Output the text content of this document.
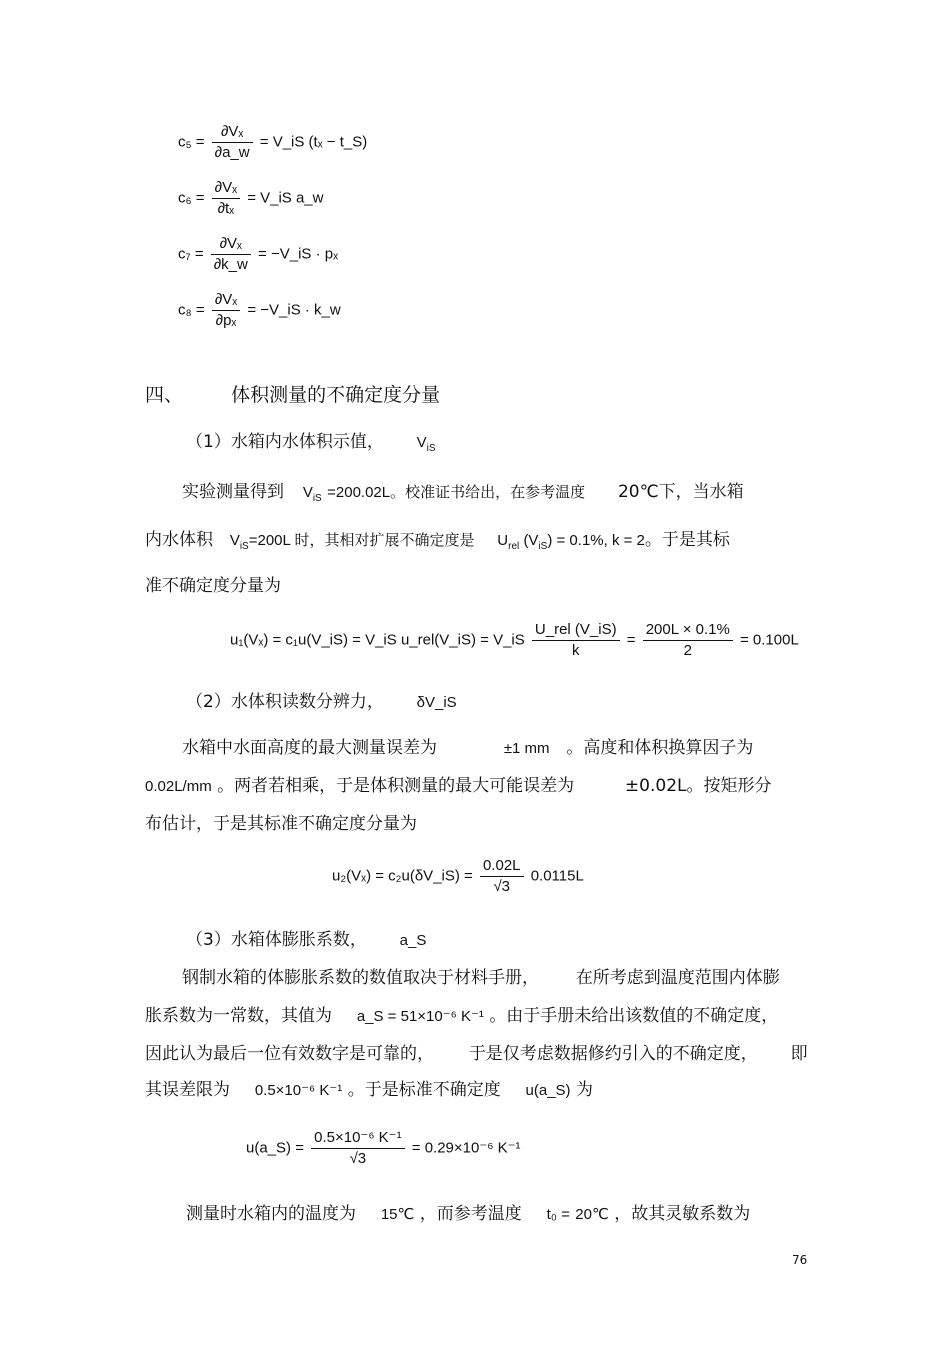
$c_5 = \frac{\text{∂Vₓ}}{\partial a\_w}$ = V_iS (tₓ − t_S)
$c_6 = \frac{\text{∂Vₓ}}{\text{∂tₓ}}$ = V_iS a_w
$c_7 = \frac{\text{∂Vₓ}}{\partial k\_w}$ = −V_iS · pₓ
$c_8 = \frac{\text{∂Vₓ}}{\text{∂pₓ}}$ = −V_iS · k_w
四、	体积测量的不确定度分量
（1）水箱内水体积示值， $V_{iS}$
实验测量得到 $V_{iS} =200.02L$。校准证书给出，在参考温度 20℃下，当水箱
内水体积 $V_{iS}=200L$ 时，其相对扩展不确定度是 $U_{rel}$ $(V_{iS}) = 0.1\%$, k = 2。于是其标
准不确定度分量为
u₁(Vₓ) = c₁u(V_iS) = V_iS u_rel(V_iS) = V_iS $\frac{\text{U\_rel (V\_iS)}}{k} = \frac{200L \times 0.1\%}{2} = 0.100L$
（2）水体积读数分辨力， δV_iS
水箱中水面高度的最大测量误差为	±1 mm 。高度和体积换算因子为
0.02L/mm 。两者若相乘，于是体积测量的最大可能误差为	±0.02L。按矩形分
布估计，于是其标准不确定度分量为
u₂(Vₓ) = c₂u(δV_iS) = $\frac{0.02L}{√3} 0.0115L$
（3）水箱体膨胀系数， a_S
钢制水箱的体膨胀系数的数值取决于材料手册， 在所考虑到温度范围内体膨
胀系数为一常数，其值为 a_S = 51×10⁻⁶ K⁻¹ 。由于手册未给出该数值的不确定度，
因此认为最后一位有效数字是可靠的， 于是仅考虑数据修约引入的不确定度， 即
其误差限为 0.5×10⁻⁶ K⁻¹ 。于是标准不确定度 u(a_S) 为
u(a_S) = $\frac{\text{0.5×10⁻⁶ K⁻¹}}{√3} = 0.29\times 10^{-6}$ K⁻¹
测量时水箱内的温度为 15℃ ，而参考温度 t₀ = 20℃ ，故其灵敏系数为
76
